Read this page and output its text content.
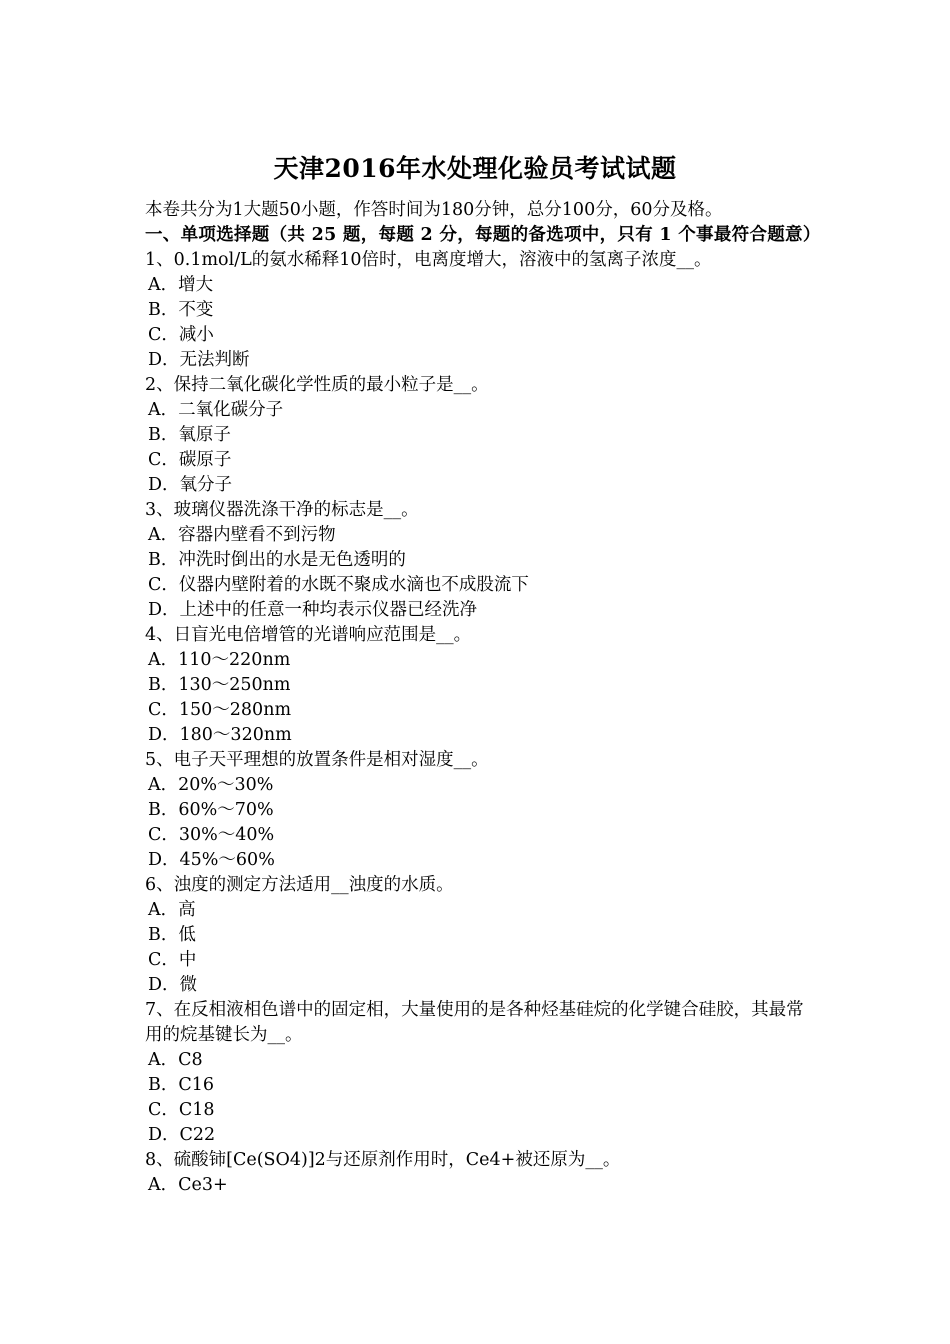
天津2016年水处理化验员考试试题
本卷共分为1大题50小题，作答时间为180分钟，总分100分，60分及格。
一、单项选择题（共 25 题，每题 2 分，每题的备选项中，只有 1 个事最符合题意）
1、0.1mol/L的氨水稀释10倍时，电离度增大，溶液中的氢离子浓度__。
A．增大
B．不变
C．减小
D．无法判断
2、保持二氧化碳化学性质的最小粒子是__。
A．二氧化碳分子
B．氧原子
C．碳原子
D．氧分子
3、玻璃仪器洗涤干净的标志是__。
A．容器内壁看不到污物
B．冲洗时倒出的水是无色透明的
C．仪器内壁附着的水既不聚成水滴也不成股流下
D．上述中的任意一种均表示仪器已经洗净
4、日盲光电倍增管的光谱响应范围是__。
A．110～220nm
B．130～250nm
C．150～280nm
D．180～320nm
5、电子天平理想的放置条件是相对湿度__。
A．20%～30%
B．60%～70%
C．30%～40%
D．45%～60%
6、浊度的测定方法适用__浊度的水质。
A．高
B．低
C．中
D．微
7、在反相液相色谱中的固定相，大量使用的是各种烃基硅烷的化学键合硅胶，其最常用的烷基键长为__。
A．C8
B．C16
C．C18
D．C22
8、硫酸铈[Ce(SO4)]2与还原剂作用时，Ce4+被还原为__。
A．Ce3+
